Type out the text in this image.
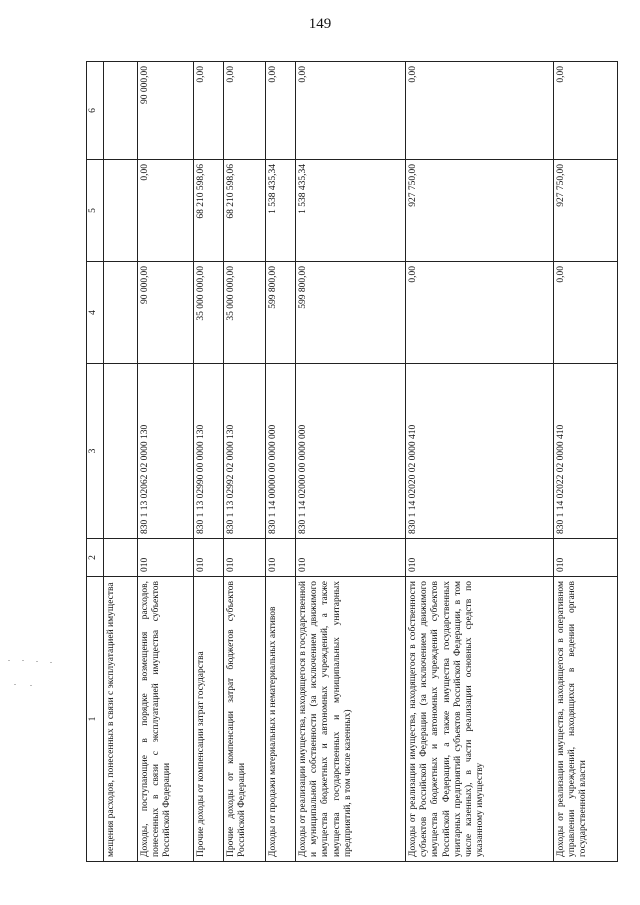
149
1	2	3	4	5	6
мещения расходов, понесенных в связи с эксплуатацией имущества					
Доходы, поступающие в порядке возмещения расходов, понесенных в связи с эксплуатацией имущества субъектов Российской Федерации	010	830 1 13 02062 02 0000 130	90 000,00	0,00	90 000,00
Прочие доходы от компенсации затрат государства	010	830 1 13 02990 00 0000 130	35 000 000,00	68 210 598,06	0,00
Прочие доходы от компенсации затрат бюджетов субъектов Российской Федерации	010	830 1 13 02992 02 0000 130	35 000 000,00	68 210 598,06	0,00
Доходы от продажи материальных и нематериальных активов	010	830 1 14 00000 00 0000 000	599 800,00	1 538 435,34	0,00
Доходы от реализации имущества, находящегося в государственной и муниципальной собственности (за исключением движимого имущества бюджетных и автономных учреждений, а также имущества государственных и муниципальных унитарных предприятий, в том числе казенных)	010	830 1 14 02000 00 0000 000	599 800,00	1 538 435,34	0,00
Доходы от реализации имущества, находящегося в собственности субъектов Российской Федерации (за исключением движимого имущества бюджетных и автономных учреждений субъектов Российской Федерации, а также имущества государственных унитарных предприятий субъектов Российской Федерации, в том числе казенных), в части реализации основных средств по указанному имуществу	010	830 1 14 02020 02 0000 410	0,00	927 750,00	0,00
Доходы от реализации имущества, находящегося в оперативном управлении учреждений, находящихся в ведении органов государственной власти	010	830 1 14 02022 02 0000 410	0,00	927 750,00	0,00
